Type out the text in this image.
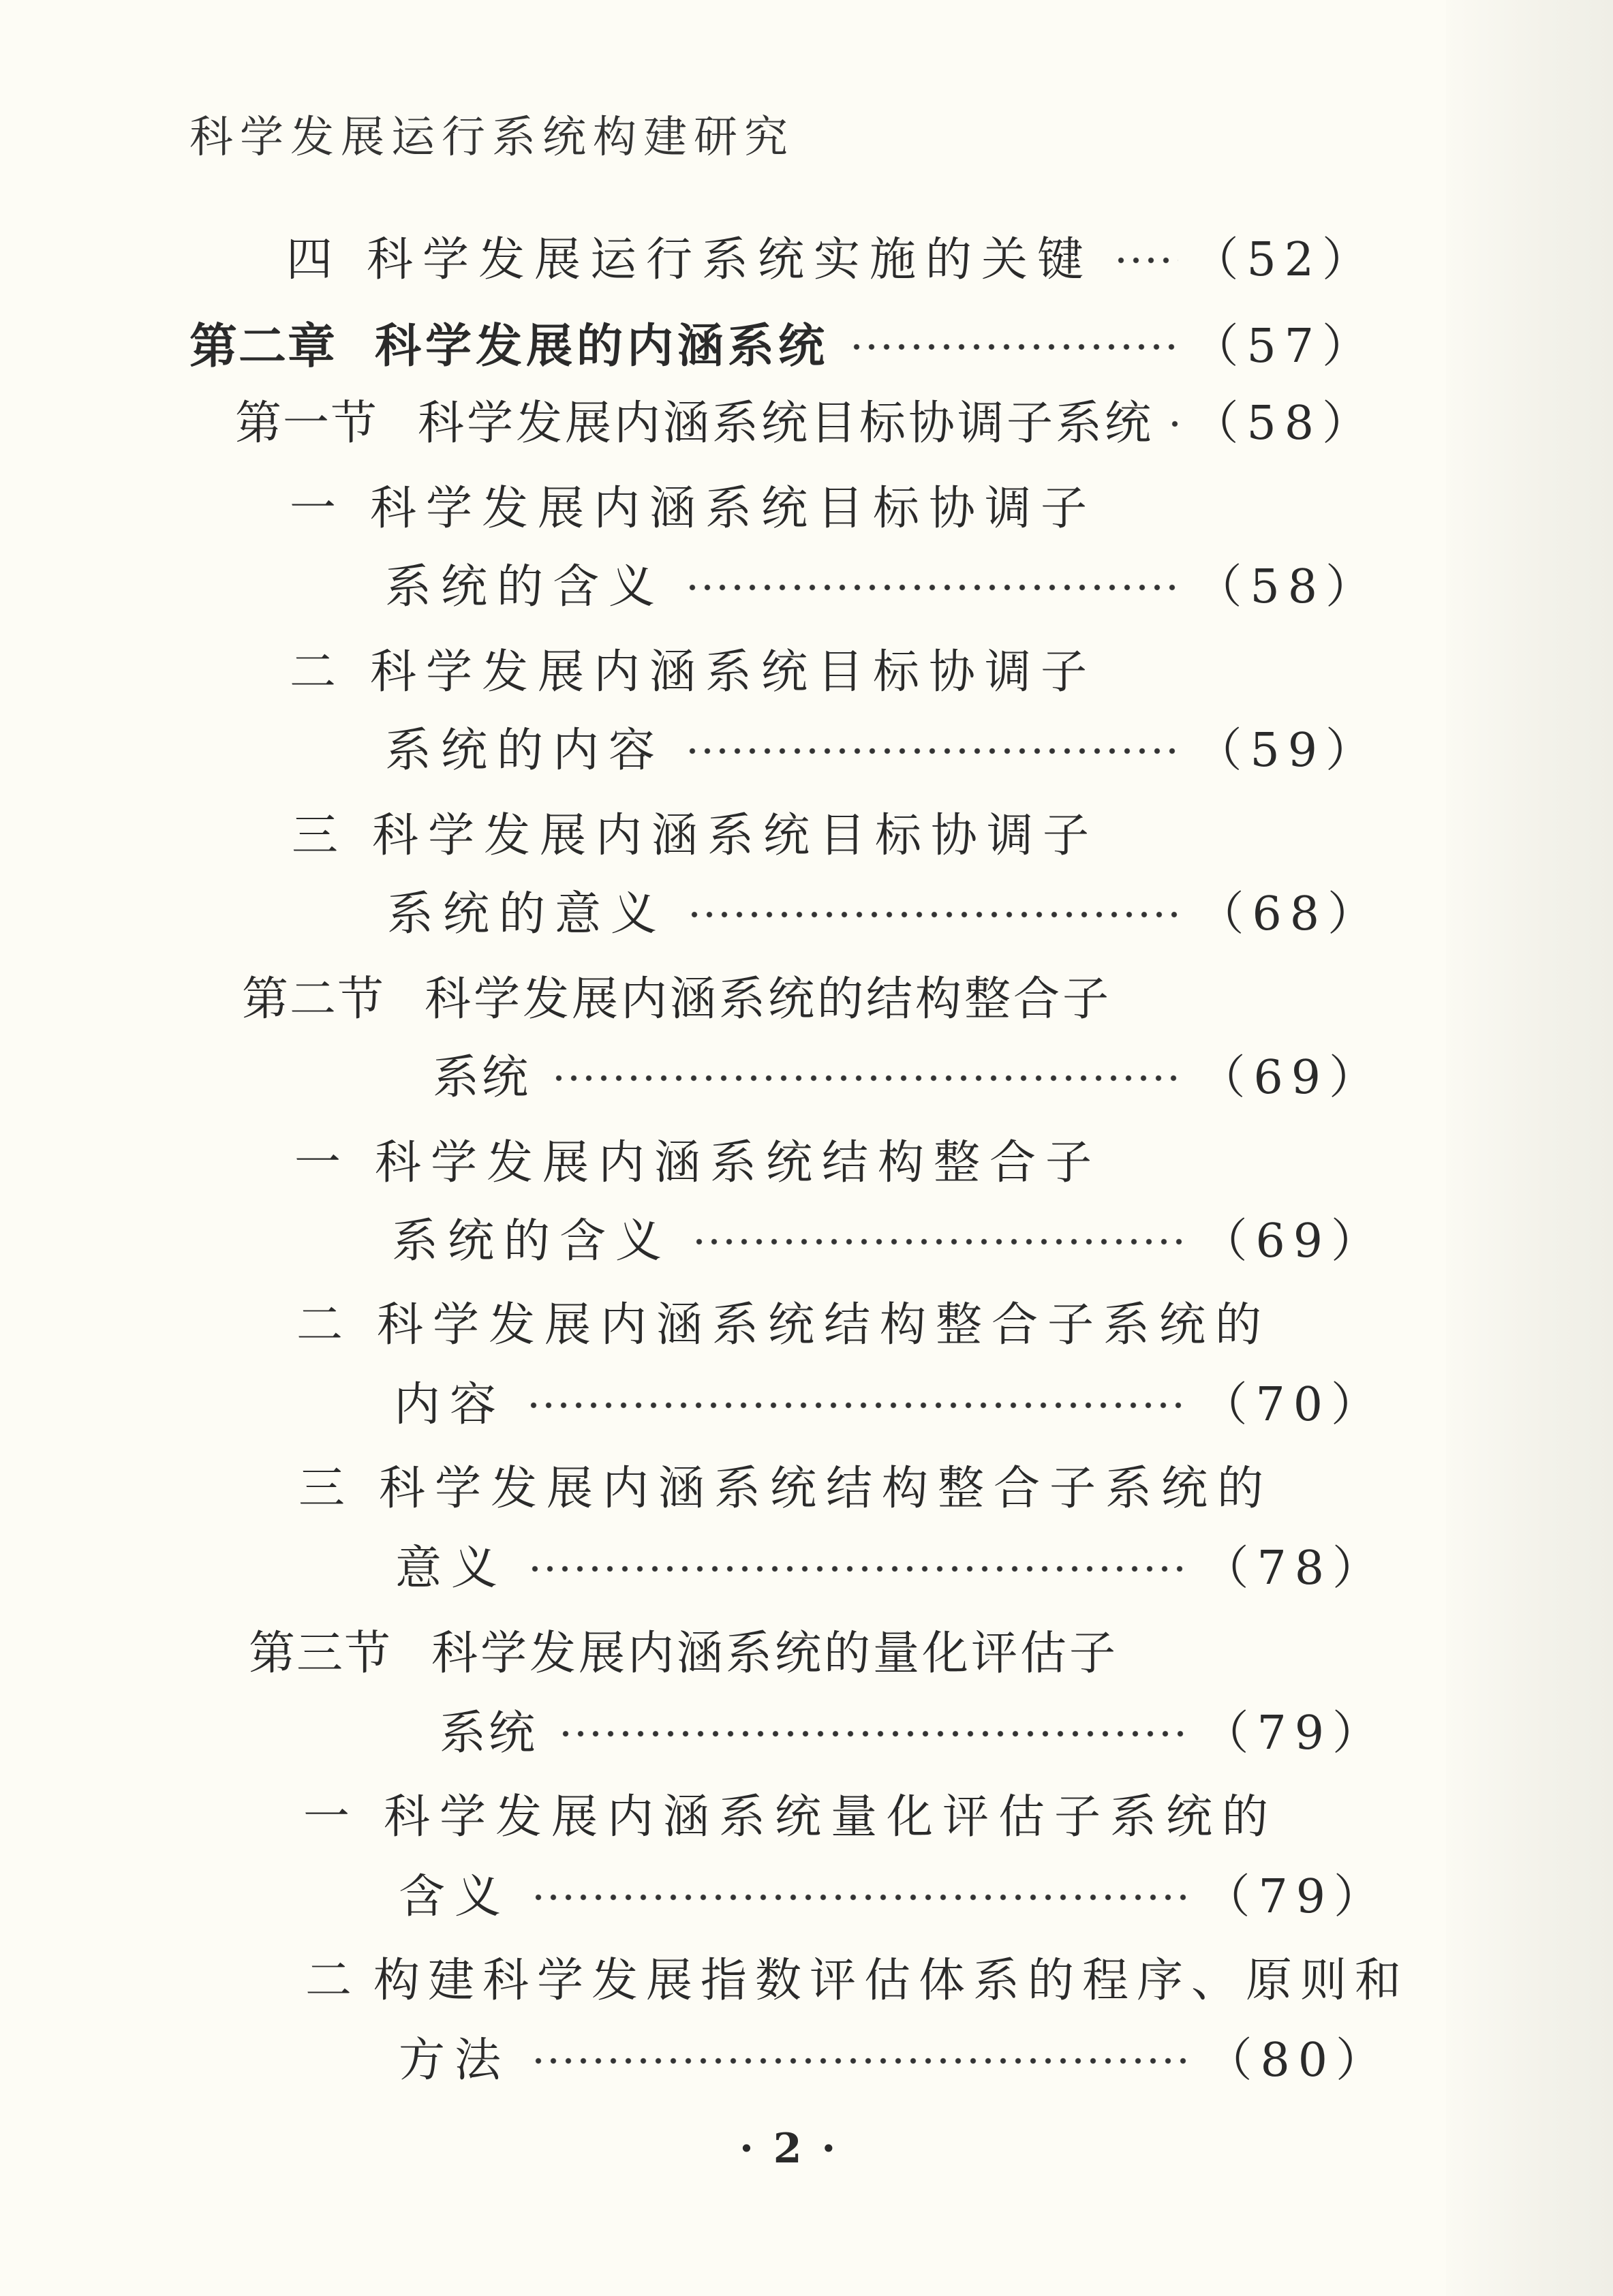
科学发展运行系统构建研究
四 科学发展运行系统实施的关键 （52）
第二章 科学发展的内涵系统	（57）
第一节 科学发展内涵系统目标协调子系统 （58）
一 科学发展内涵系统目标协调子
系统的含义	（58）
二 科学发展内涵系统目标协调子
系统的内容	（59）
三 科学发展内涵系统目标协调子
系统的意义	（68）
第二节 科学发展内涵系统的结构整合子
系统	（69）
一 科学发展内涵系统结构整合子
系统的含义	（69）
二 科学发展内涵系统结构整合子系统的
内容	（70）
三 科学发展内涵系统结构整合子系统的
意义	（78）
第三节 科学发展内涵系统的量化评估子
系统	（79）
一 科学发展内涵系统量化评估子系统的
含义	（79）
二 构建科学发展指数评估体系的程序、原则和
方法	（80）
· 2 ·
